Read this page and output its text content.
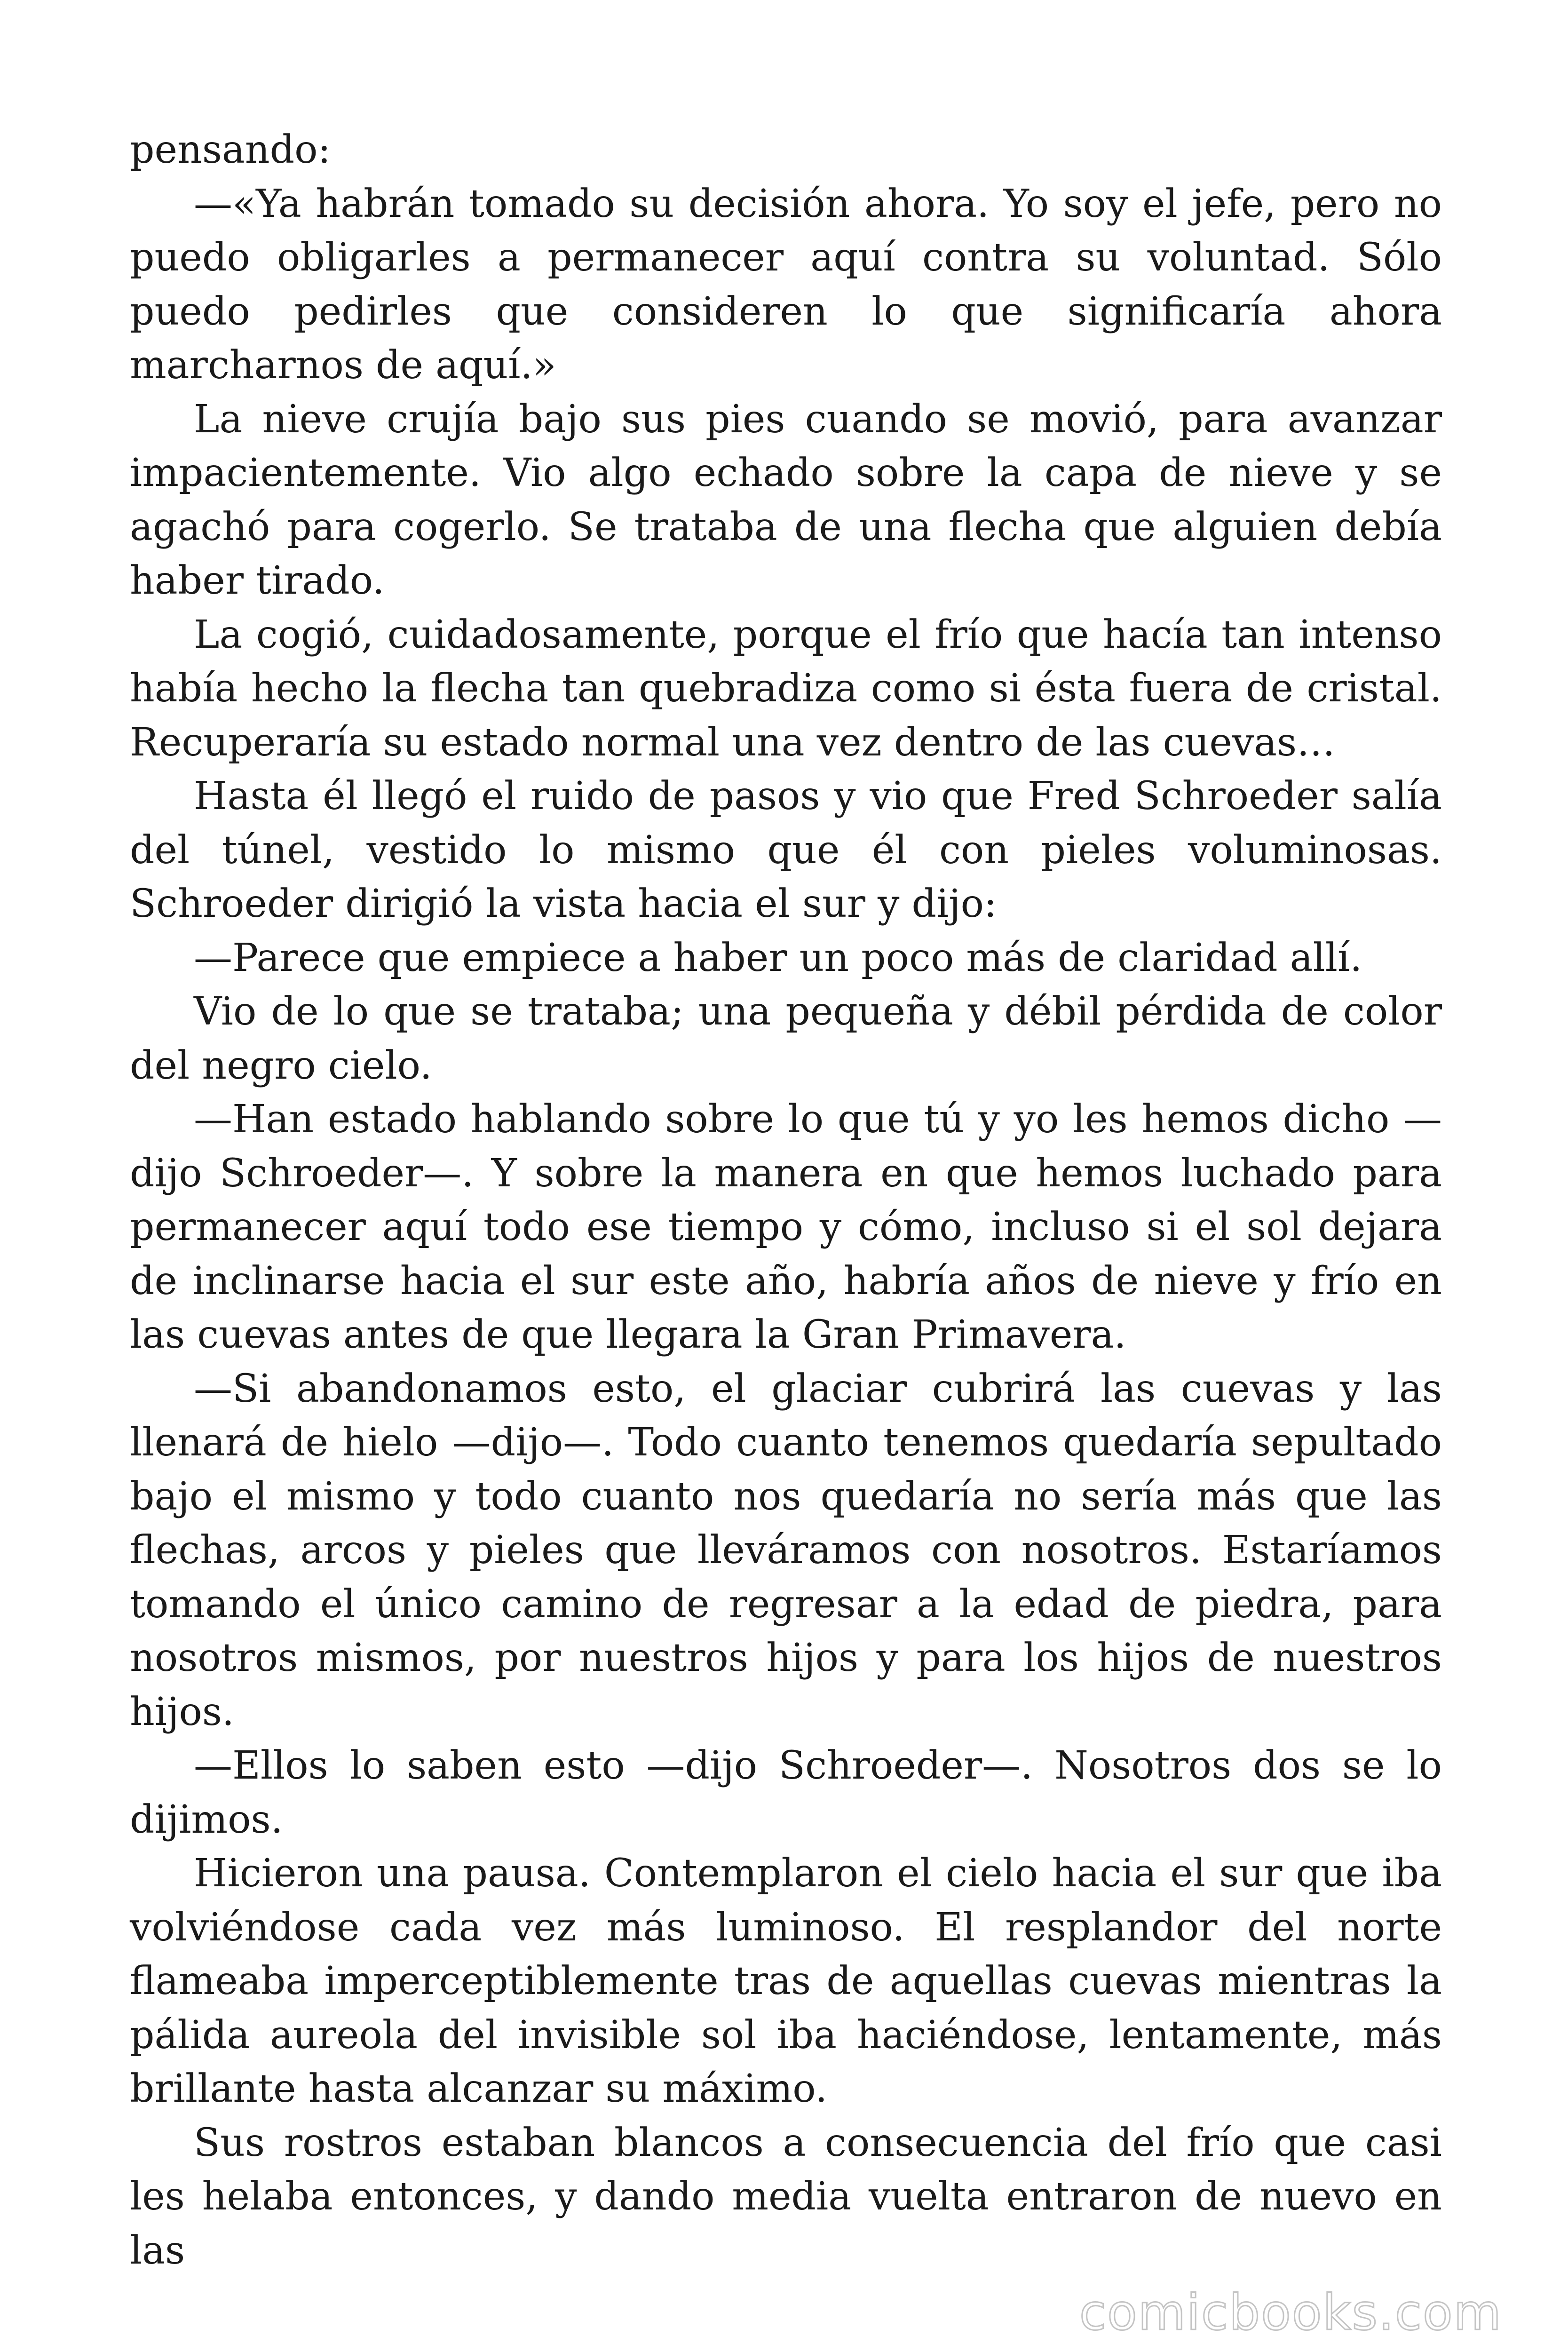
pensando:

—«Ya habrán tomado su decisión ahora. Yo soy el jefe, pero no puedo obligarles a permanecer aquí contra su voluntad. Sólo puedo pedirles que consideren lo que significaría ahora marcharnos de aquí.»

La nieve crujía bajo sus pies cuando se movió, para avanzar impacientemente. Vio algo echado sobre la capa de nieve y se agachó para cogerlo. Se trataba de una flecha que alguien debía haber tirado.

La cogió, cuidadosamente, porque el frío que hacía tan intenso había hecho la flecha tan quebradiza como si ésta fuera de cristal. Recuperaría su estado normal una vez dentro de las cuevas…

Hasta él llegó el ruido de pasos y vio que Fred Schroeder salía del túnel, vestido lo mismo que él con pieles voluminosas. Schroeder dirigió la vista hacia el sur y dijo:

—Parece que empiece a haber un poco más de claridad allí.

Vio de lo que se trataba; una pequeña y débil pérdida de color del negro cielo.

—Han estado hablando sobre lo que tú y yo les hemos dicho —dijo Schroeder—. Y sobre la manera en que hemos luchado para permanecer aquí todo ese tiempo y cómo, incluso si el sol dejara de inclinarse hacia el sur este año, habría años de nieve y frío en las cuevas antes de que llegara la Gran Primavera.

—Si abandonamos esto, el glaciar cubrirá las cuevas y las llenará de hielo —dijo—. Todo cuanto tenemos quedaría sepultado bajo el mismo y todo cuanto nos quedaría no sería más que las flechas, arcos y pieles que lleváramos con nosotros. Estaríamos tomando el único camino de regresar a la edad de piedra, para nosotros mismos, por nuestros hijos y para los hijos de nuestros hijos.

—Ellos lo saben esto —dijo Schroeder—. Nosotros dos se lo dijimos.

Hicieron una pausa. Contemplaron el cielo hacia el sur que iba volviéndose cada vez más luminoso. El resplandor del norte flameaba imperceptiblemente tras de aquellas cuevas mientras la pálida aureola del invisible sol iba haciéndose, lentamente, más brillante hasta alcanzar su máximo.

Sus rostros estaban blancos a consecuencia del frío que casi les helaba entonces, y dando media vuelta entraron de nuevo en las

comicbooks.com
